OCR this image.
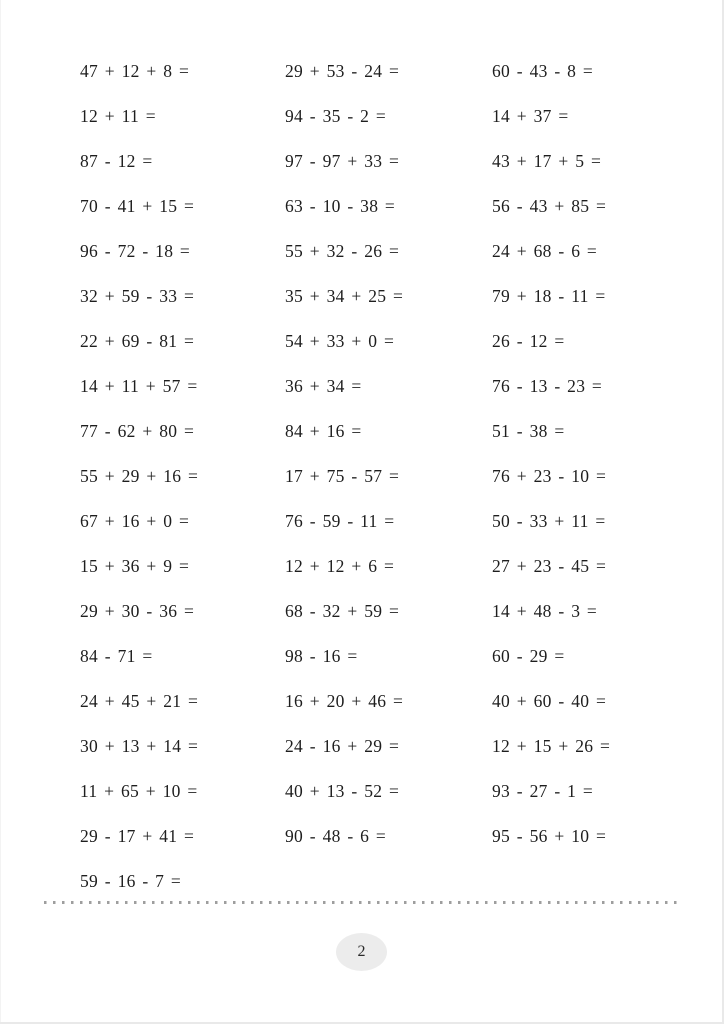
47 + 12 + 8 =
12 + 11 =
87 - 12 =
70 - 41 + 15 =
96 - 72 - 18 =
32 + 59 - 33 =
22 + 69 - 81 =
14 + 11 + 57 =
77 - 62 + 80 =
55 + 29 + 16 =
67 + 16 + 0 =
15 + 36 + 9 =
29 + 30 - 36 =
84 - 71 =
24 + 45 + 21 =
30 + 13 + 14 =
11 + 65 + 10 =
29 - 17 + 41 =
59 - 16 - 7 =
29 + 53 - 24 =
94 - 35 - 2 =
97 - 97 + 33 =
63 - 10 - 38 =
55 + 32 - 26 =
35 + 34 + 25 =
54 + 33 + 0 =
36 + 34 =
84 + 16 =
17 + 75 - 57 =
76 - 59 - 11 =
12 + 12 + 6 =
68 - 32 + 59 =
98 - 16 =
16 + 20 + 46 =
24 - 16 + 29 =
40 + 13 - 52 =
90 - 48 - 6 =
60 - 43 - 8 =
14 + 37 =
43 + 17 + 5 =
56 - 43 + 85 =
24 + 68 - 6 =
79 + 18 - 11 =
26 - 12 =
76 - 13 - 23 =
51 - 38 =
76 + 23 - 10 =
50 - 33 + 11 =
27 + 23 - 45 =
14 + 48 - 3 =
60 - 29 =
40 + 60 - 40 =
12 + 15 + 26 =
93 - 27 - 1 =
95 - 56 + 10 =
2
